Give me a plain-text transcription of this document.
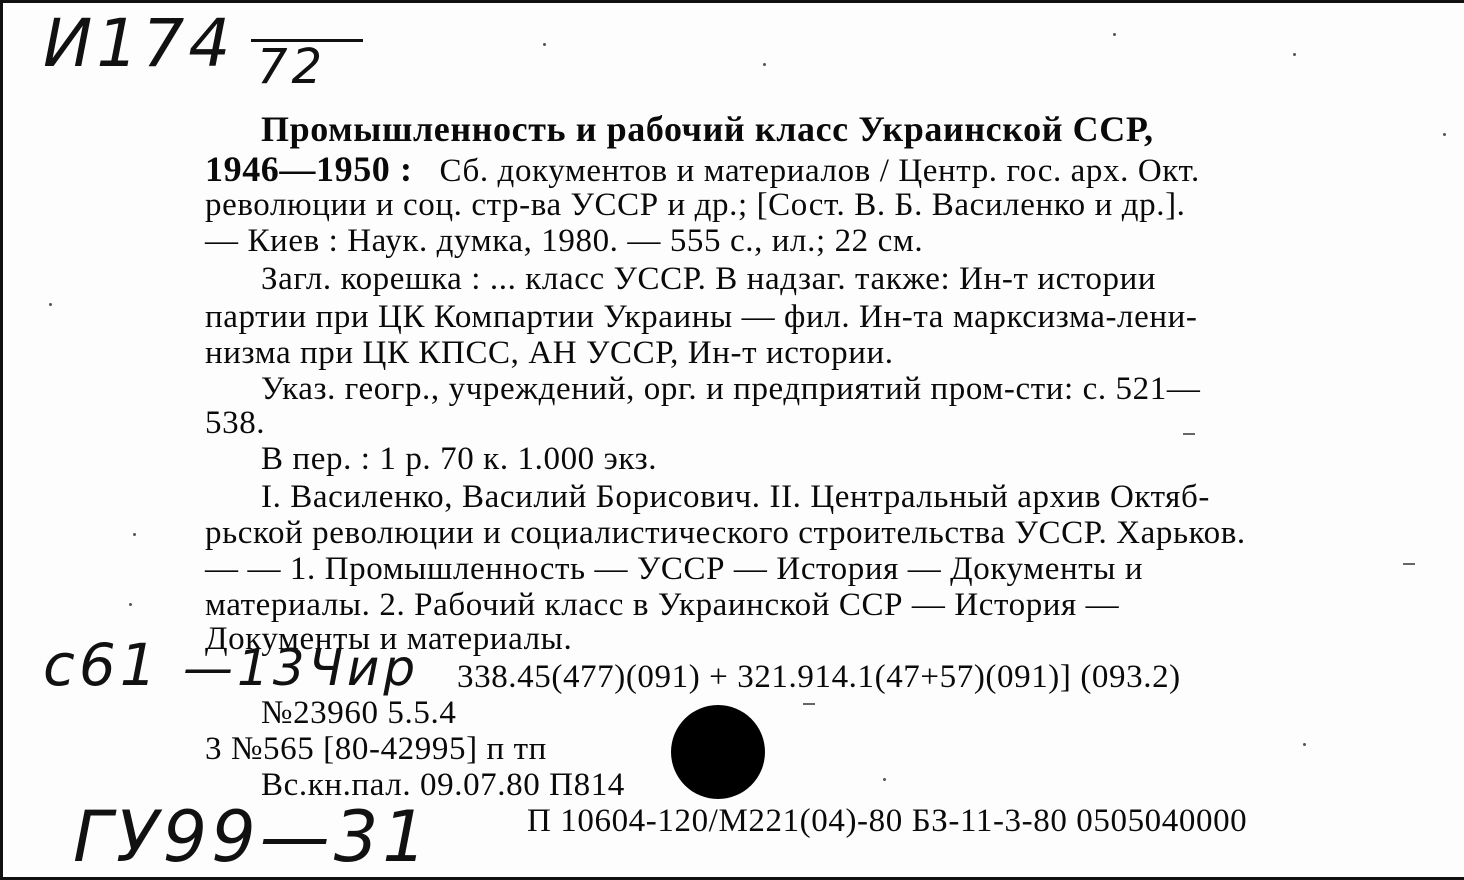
И174 72
с61 —13Чир
ГУ99—31
Промышленность и рабочий класс Украинской ССР,
1946—1950 : Сб. документов и материалов / Центр. гос. арх. Окт.
революции и соц. стр-ва УССР и др.; [Сост. В. Б. Василенко и др.].
— Киев : Наук. думка, 1980. — 555 с., ил.; 22 см.
Загл. корешка : ... класс УССР. В надзаг. также: Ин-т истории
партии при ЦК Компартии Украины — фил. Ин-та марксизма-лени-
низма при ЦК КПСС, АН УССР, Ин-т истории.
Указ. геогр., учреждений, орг. и предприятий пром-сти: с. 521—
538.
В пер. : 1 р. 70 к. 1.000 экз.
I. Василенко, Василий Борисович. II. Центральный архив Октяб-
рьской революции и социалистического строительства УССР. Харьков.
— — 1. Промышленность — УССР — История — Документы и
материалы. 2. Рабочий класс в Украинской ССР — История —
Документы и материалы.
338.45(477)(091) + 321.914.1(47+57)(091)] (093.2)
№23960 5.5.4
3 №565 [80-42995] п тп
Вс.кн.пал. 09.07.80 П814
П 10604-120/М221(04)-80 БЗ-11-3-80 0505040000
